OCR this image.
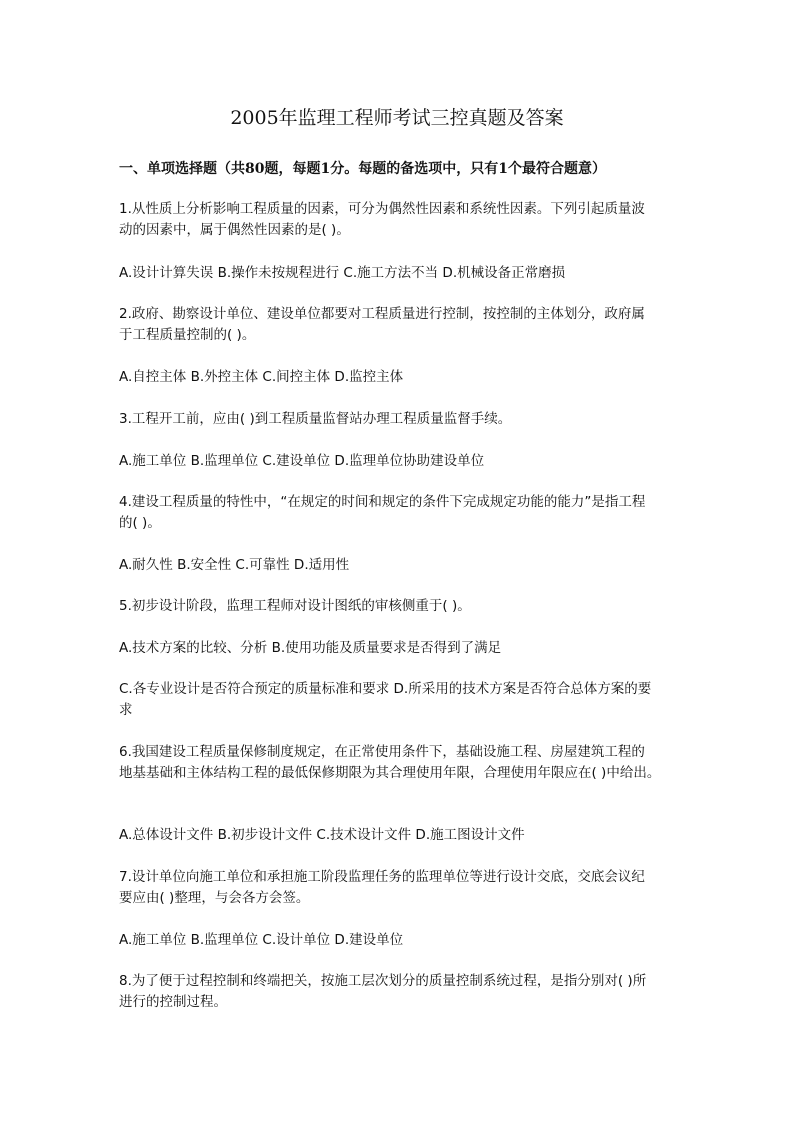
2005年监理工程师考试三控真题及答案
一、单项选择题（共80题，每题1分。每题的备选项中，只有1个最符合题意）
1.从性质上分析影响工程质量的因素，可分为偶然性因素和系统性因素。下列引起质量波
动的因素中，属于偶然性因素的是( )。
A.设计计算失误 B.操作未按规程进行 C.施工方法不当 D.机械设备正常磨损
2.政府、勘察设计单位、建设单位都要对工程质量进行控制，按控制的主体划分，政府属
于工程质量控制的( )。
A.自控主体 B.外控主体 C.间控主体 D.监控主体
3.工程开工前，应由( )到工程质量监督站办理工程质量监督手续。
A.施工单位 B.监理单位 C.建设单位 D.监理单位协助建设单位
4.建设工程质量的特性中，“在规定的时间和规定的条件下完成规定功能的能力”是指工程
的( )。
A.耐久性 B.安全性 C.可靠性 D.适用性
5.初步设计阶段，监理工程师对设计图纸的审核侧重于( )。
A.技术方案的比较、分析 B.使用功能及质量要求是否得到了满足
C.各专业设计是否符合预定的质量标准和要求 D.所采用的技术方案是否符合总体方案的要
求
6.我国建设工程质量保修制度规定，在正常使用条件下，基础设施工程、房屋建筑工程的
地基基础和主体结构工程的最低保修期限为其合理使用年限，合理使用年限应在( )中给出。
A.总体设计文件 B.初步设计文件 C.技术设计文件 D.施工图设计文件
7.设计单位向施工单位和承担施工阶段监理任务的监理单位等进行设计交底，交底会议纪
要应由( )整理，与会各方会签。
A.施工单位 B.监理单位 C.设计单位 D.建设单位
8.为了便于过程控制和终端把关，按施工层次划分的质量控制系统过程，是指分别对( )所
进行的控制过程。
